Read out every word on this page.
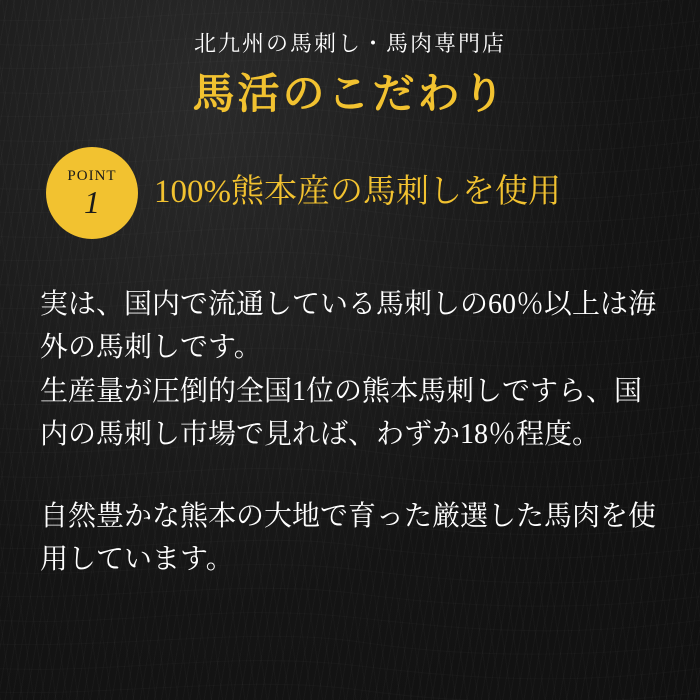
北九州の馬刺し・馬肉専門店

馬活のこだわり
POINT
1 100%熊本産の馬刺しを使用

実は、国内で流通している馬刺しの60％以上は海外の馬刺しです。

生産量が圧倒的全国1位の熊本馬刺しですら、国内の馬刺し市場で見れば、わずか18％程度。

自然豊かな熊本の大地で育った厳選した馬肉を使用しています。
